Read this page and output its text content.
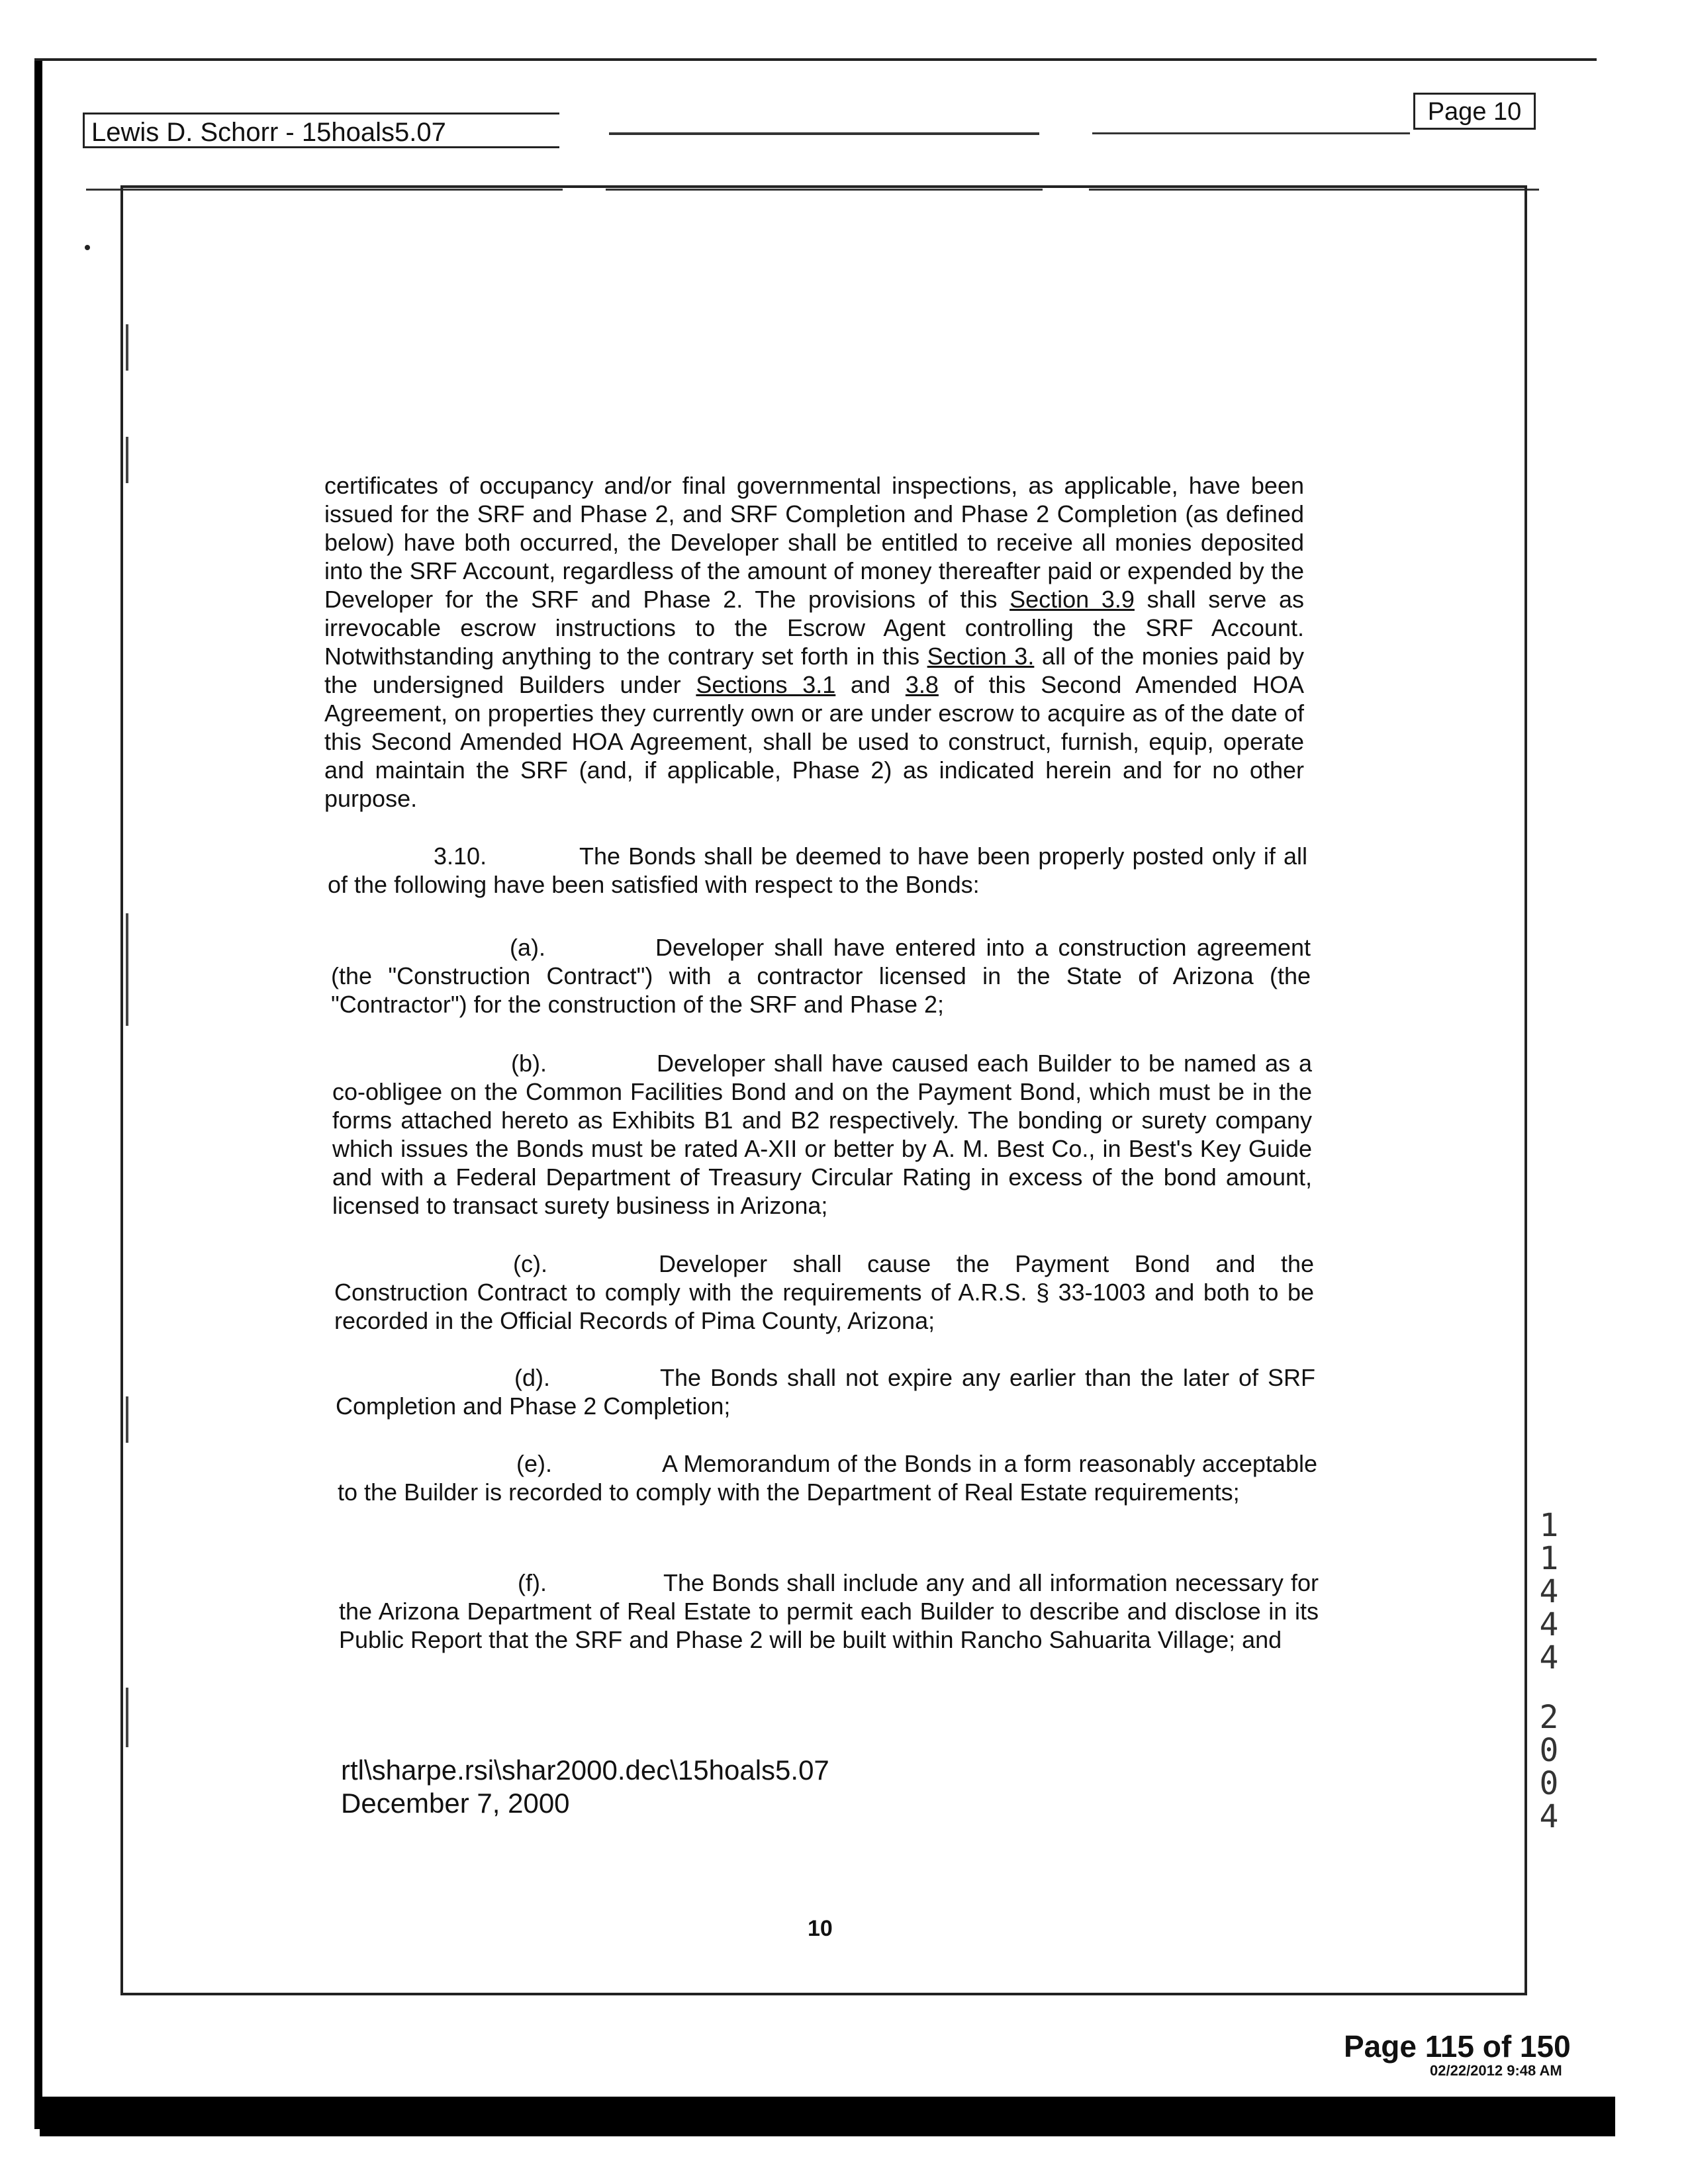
Lewis D. Schorr - 15hoals5.07
Page 10
certificates of occupancy and/or final governmental inspections, as applicable, have been issued for the SRF and Phase 2, and SRF Completion and Phase 2 Completion (as defined below) have both occurred, the Developer shall be entitled to receive all monies deposited into the SRF Account, regardless of the amount of money thereafter paid or expended by the Developer for the SRF and Phase 2. The provisions of this Section 3.9 shall serve as irrevocable escrow instructions to the Escrow Agent controlling the SRF Account. Notwithstanding anything to the contrary set forth in this Section 3. all of the monies paid by the undersigned Builders under Sections 3.1 and 3.8 of this Second Amended HOA Agreement, on properties they currently own or are under escrow to acquire as of the date of this Second Amended HOA Agreement, shall be used to construct, furnish, equip, operate and maintain the SRF (and, if applicable, Phase 2) as indicated herein and for no other purpose.
3.10.	The Bonds shall be deemed to have been properly posted only if all of the following have been satisfied with respect to the Bonds:
(a).	Developer shall have entered into a construction agreement (the "Construction Contract") with a contractor licensed in the State of Arizona (the "Contractor") for the construction of the SRF and Phase 2;
(b).	Developer shall have caused each Builder to be named as a co-obligee on the Common Facilities Bond and on the Payment Bond, which must be in the forms attached hereto as Exhibits B1 and B2 respectively. The bonding or surety company which issues the Bonds must be rated A-XII or better by A. M. Best Co., in Best's Key Guide and with a Federal Department of Treasury Circular Rating in excess of the bond amount, licensed to transact surety business in Arizona;
(c).	Developer shall cause the Payment Bond and the Construction Contract to comply with the requirements of A.R.S. § 33-1003 and both to be recorded in the Official Records of Pima County, Arizona;
(d).	The Bonds shall not expire any earlier than the later of SRF Completion and Phase 2 Completion;
(e).	A Memorandum of the Bonds in a form reasonably acceptable to the Builder is recorded to comply with the Department of Real Estate requirements;
(f).	The Bonds shall include any and all information necessary for the Arizona Department of Real Estate to permit each Builder to describe and disclose in its Public Report that the SRF and Phase 2 will be built within Rancho Sahuarita Village; and
rtl\sharpe.rsi\shar2000.dec\15hoals5.07
December 7, 2000
10
1
1
4
4
4
2
0
0
4
Page 115 of 150
02/22/2012 9:48 AM
